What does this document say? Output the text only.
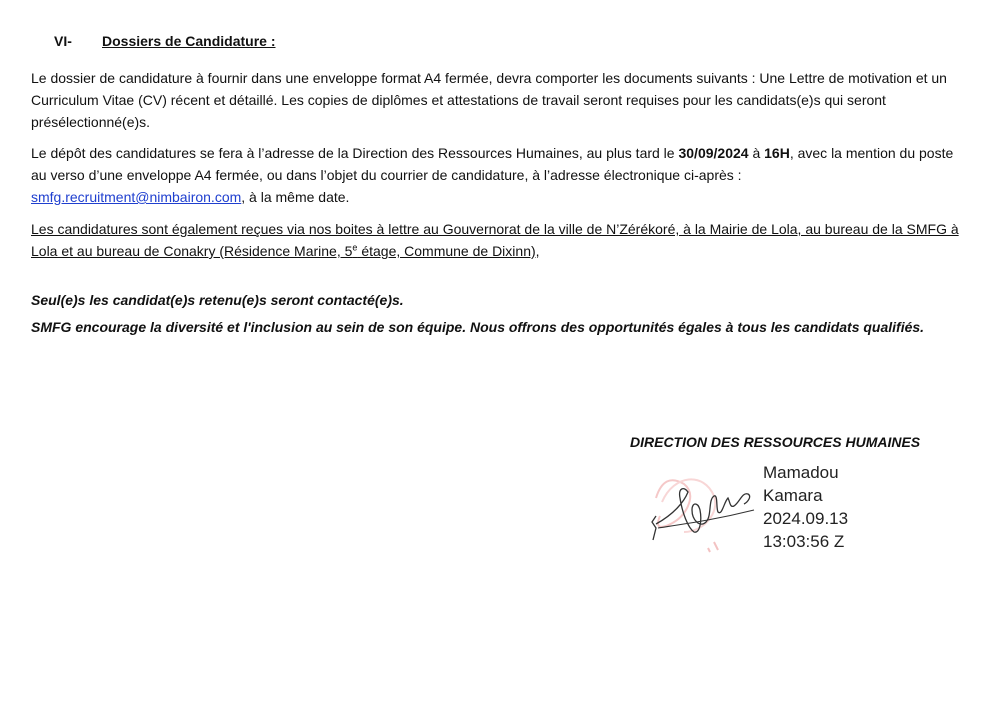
VI- Dossiers de Candidature :

Le dossier de candidature à fournir dans une enveloppe format A4 fermée, devra comporter les documents suivants : Une Lettre de motivation et un Curriculum Vitae (CV) récent et détaillé. Les copies de diplômes et attestations de travail seront requises pour les candidats(e)s qui seront présélectionné(e)s.

Le dépôt des candidatures se fera à l’adresse de la Direction des Ressources Humaines, au plus tard le 30/09/2024 à 16H, avec la mention du poste au verso d’une enveloppe A4 fermée, ou dans l’objet du courrier de candidature, à l’adresse électronique ci-après :
smfg.recruitment@nimbairon.com, à la même date.

Les candidatures sont également reçues via nos boites à lettre au Gouvernorat de la ville de N’Zérékoré, à la Mairie de Lola, au bureau de la SMFG à Lola et au bureau de Conakry (Résidence Marine, 5e étage, Commune de Dixinn),

Seul(e)s les candidat(e)s retenu(e)s seront contacté(e)s.
SMFG encourage la diversité et l'inclusion au sein de son équipe. Nous offrons des opportunités égales à tous les candidats qualifiés.
DIRECTION DES RESSOURCES HUMAINES
Mamadou
Kamara
2024.09.13
13:03:56 Z
